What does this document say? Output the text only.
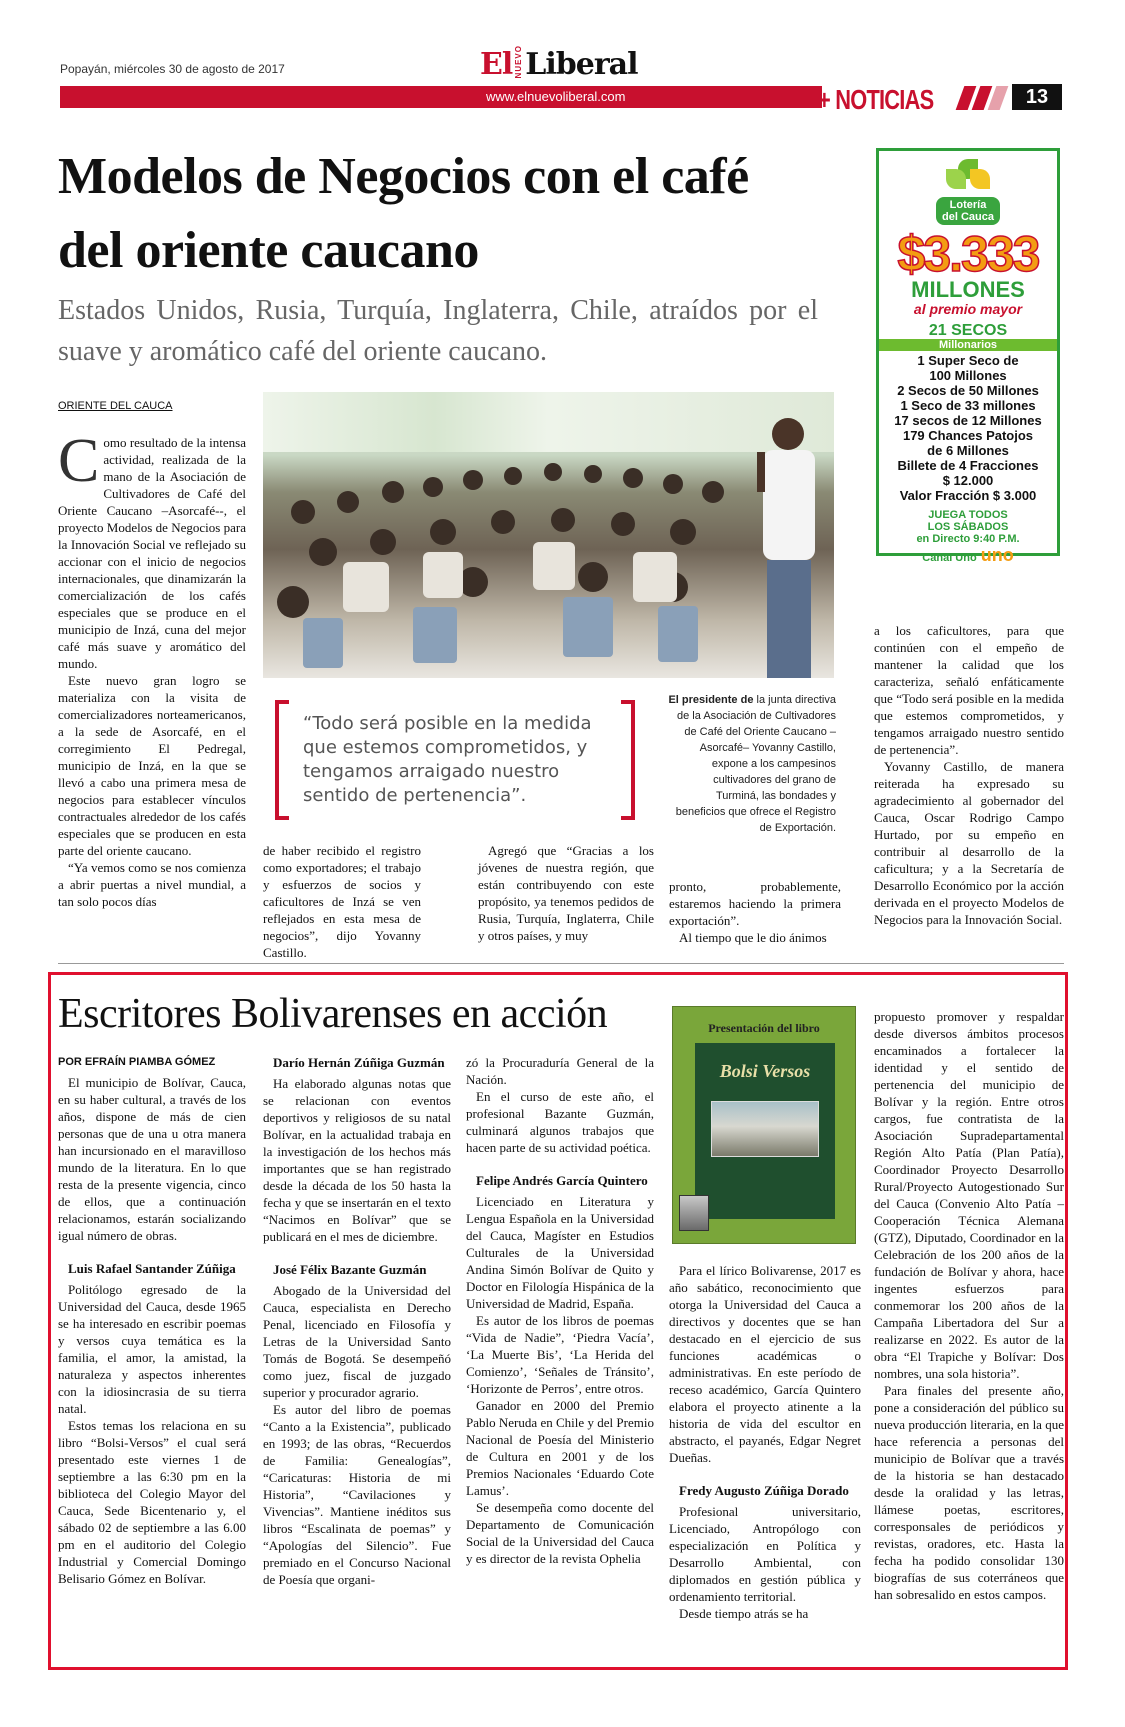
Popayán, miércoles 30 de agosto de 2017	El NUEVO Liberal
www.elnuevoliberal.com	+ NOTICIAS	13
Modelos de Negocios con el café del oriente caucano
Estados Unidos, Rusia, Turquía, Inglaterra, Chile, atraídos por el suave y aromático café del oriente caucano.
ORIENTE DEL CAUCA

Como resultado de la intensa actividad, realizada de la mano de la Asociación de Cultivadores de Café del Oriente Caucano –Asorcafé--, el proyecto Modelos de Negocios para la Innovación Social ve reflejado su accionar con el inicio de negocios internacionales, que dinamizarán la comercialización de los cafés especiales que se produce en el municipio de Inzá, cuna del mejor café más suave y aromático del mundo.

Este nuevo gran logro se materializa con la visita de comercializadores norteamericanos, a la sede de Asorcafé, en el corregimiento El Pedregal, municipio de Inzá, en la que se llevó a cabo una primera mesa de negocios para establecer vínculos contractuales alrededor de los cafés especiales que se producen en esta parte del oriente caucano.

“Ya vemos como se nos comienza a abrir puertas a nivel mundial, a tan solo pocos días

“Todo será posible en la medida que estemos comprometidos, y tengamos arraigado nuestro sentido de pertenencia”.
El presidente de la junta directiva de la Asociación de Cultivadores de Café del Oriente Caucano –Asorcafé– Yovanny Castillo, expone a los campesinos cultivadores del grano de Turminá, las bondades y beneficios que ofrece el Registro de Exportación.

de haber recibido el registro como exportadores; el trabajo y esfuerzos de socios y caficultores de Inzá se ven reflejados en esta mesa de negocios”, dijo Yovanny Castillo.

Agregó que “Gracias a los jóvenes de nuestra región, que están contribuyendo con este propósito, ya tenemos pedidos de Rusia, Turquía, Inglaterra, Chile y otros países, y muy

pronto, probablemente, estaremos haciendo la primera exportación”.

Al tiempo que le dio ánimos

a los caficultores, para que continúen con el empeño de mantener la calidad que los caracteriza, señaló enfáticamente que “Todo será posible en la medida que estemos comprometidos, y tengamos arraigado nuestro sentido de pertenencia”.

Yovanny Castillo, de manera reiterada ha expresado su agradecimiento al gobernador del Cauca, Oscar Rodrigo Campo Hurtado, por su empeño en contribuir al desarrollo de la caficultura; y a la Secretaría de Desarrollo Económico por la acción derivada en el proyecto Modelos de Negocios para la Innovación Social.

Lotería
del Cauca
$3.333
MILLONES
al premio mayor
21 SECOS
Millonarios
1 Super Seco de
100 Millones
2 Secos de 50 Millones
1 Seco de 33 millones
17 secos de 12 Millones
179 Chances Patojos
de 6 Millones
Billete de 4 Fracciones
$ 12.000
Valor Fracción $ 3.000
JUEGA TODOS
LOS SÁBADOS
en Directo 9:40 P.M.
Canal Uno uno
Escritores Bolivarenses en acción
POR EFRAÍN PIAMBA GÓMEZ

El municipio de Bolívar, Cauca, en su haber cultural, a través de los años, dispone de más de cien personas que de una u otra manera han incursionado en el maravilloso mundo de la literatura. En lo que resta de la presente vigencia, cinco de ellos, que a continuación relacionamos, estarán socializando igual número de obras.

Luis Rafael Santander Zúñiga

Politólogo egresado de la Universidad del Cauca, desde 1965 se ha interesado en escribir poemas y versos cuya temática es la familia, el amor, la amistad, la naturaleza y aspectos inherentes con la idiosincrasia de su tierra natal.

Estos temas los relaciona en su libro “Bolsi-Versos” el cual será presentado este viernes 1 de septiembre a las 6:30 pm en la biblioteca del Colegio Mayor del Cauca, Sede Bicentenario y, el sábado 02 de septiembre a las 6.00 pm en el auditorio del Colegio Industrial y Comercial Domingo Belisario Gómez en Bolívar.

Darío Hernán Zúñiga Guzmán

Ha elaborado algunas notas que se relacionan con eventos deportivos y religiosos de su natal Bolívar, en la actualidad trabaja en la investigación de los hechos más importantes que se han registrado desde la década de los 50 hasta la fecha y que se insertarán en el texto “Nacimos en Bolívar” que se publicará en el mes de diciembre.

José Félix Bazante Guzmán

Abogado de la Universidad del Cauca, especialista en Derecho Penal, licenciado en Filosofía y Letras de la Universidad Santo Tomás de Bogotá. Se desempeñó como juez, fiscal de juzgado superior y procurador agrario.

Es autor del libro de poemas “Canto a la Existencia”, publicado en 1993; de las obras, “Recuerdos de Familia: Genealogías”, “Caricaturas: Historia de mi Historia”, “Cavilaciones y Vivencias”. Mantiene inéditos sus libros “Escalinata de poemas” y “Apologías del Silencio”. Fue premiado en el Concurso Nacional de Poesía que organi-

zó la Procuraduría General de la Nación.

En el curso de este año, el profesional Bazante Guzmán, culminará algunos trabajos que hacen parte de su actividad poética.

Felipe Andrés García Quintero

Licenciado en Literatura y Lengua Española en la Universidad del Cauca, Magíster en Estudios Culturales de la Universidad Andina Simón Bolívar de Quito y Doctor en Filología Hispánica de la Universidad de Madrid, España.

Es autor de los libros de poemas “Vida de Nadie”, ‘Piedra Vacía’, ‘La Muerte Bis’, ‘La Herida del Comienzo’, ‘Señales de Tránsito’, ‘Horizonte de Perros’, entre otros.

Ganador en 2000 del Premio Pablo Neruda en Chile y del Premio Nacional de Poesía del Ministerio de Cultura en 2001 y de los Premios Nacionales ‘Eduardo Cote Lamus’.

Se desempeña como docente del Departamento de Comunicación Social de la Universidad del Cauca y es director de la revista Ophelia

Presentación del libro
Bolsi Versos

Para el lírico Bolivarense, 2017 es año sabático, reconocimiento que otorga la Universidad del Cauca a directivos y docentes que se han destacado en el ejercicio de sus funciones académicas o administrativas. En este período de receso académico, García Quintero elabora el proyecto atinente a la historia de vida del escultor en abstracto, el payanés, Edgar Negret Dueñas.

Fredy Augusto Zúñiga Dorado

Profesional universitario, Licenciado, Antropólogo con especialización en Política y Desarrollo Ambiental, con diplomados en gestión pública y ordenamiento territorial.

Desde tiempo atrás se ha

propuesto promover y respaldar desde diversos ámbitos procesos encaminados a fortalecer la identidad y el sentido de pertenencia del municipio de Bolívar y la región. Entre otros cargos, fue contratista de la Asociación Supradepartamental Región Alto Patía (Plan Patía), Coordinador Proyecto Desarrollo Rural/Proyecto Autogestionado Sur del Cauca (Convenio Alto Patía – Cooperación Técnica Alemana (GTZ), Diputado, Coordinador en la Celebración de los 200 años de la fundación de Bolívar y ahora, hace ingentes esfuerzos para conmemorar los 200 años de la Campaña Libertadora del Sur a realizarse en 2022. Es autor de la obra “El Trapiche y Bolívar: Dos nombres, una sola historia”.

Para finales del presente año, pone a consideración del público su nueva producción literaria, en la que hace referencia a personas del municipio de Bolívar que a través de la historia se han destacado desde la oralidad y las letras, llámese poetas, escritores, corresponsales de periódicos y revistas, oradores, etc. Hasta la fecha ha podido consolidar 130 biografías de sus coterráneos que han sobresalido en estos campos.
